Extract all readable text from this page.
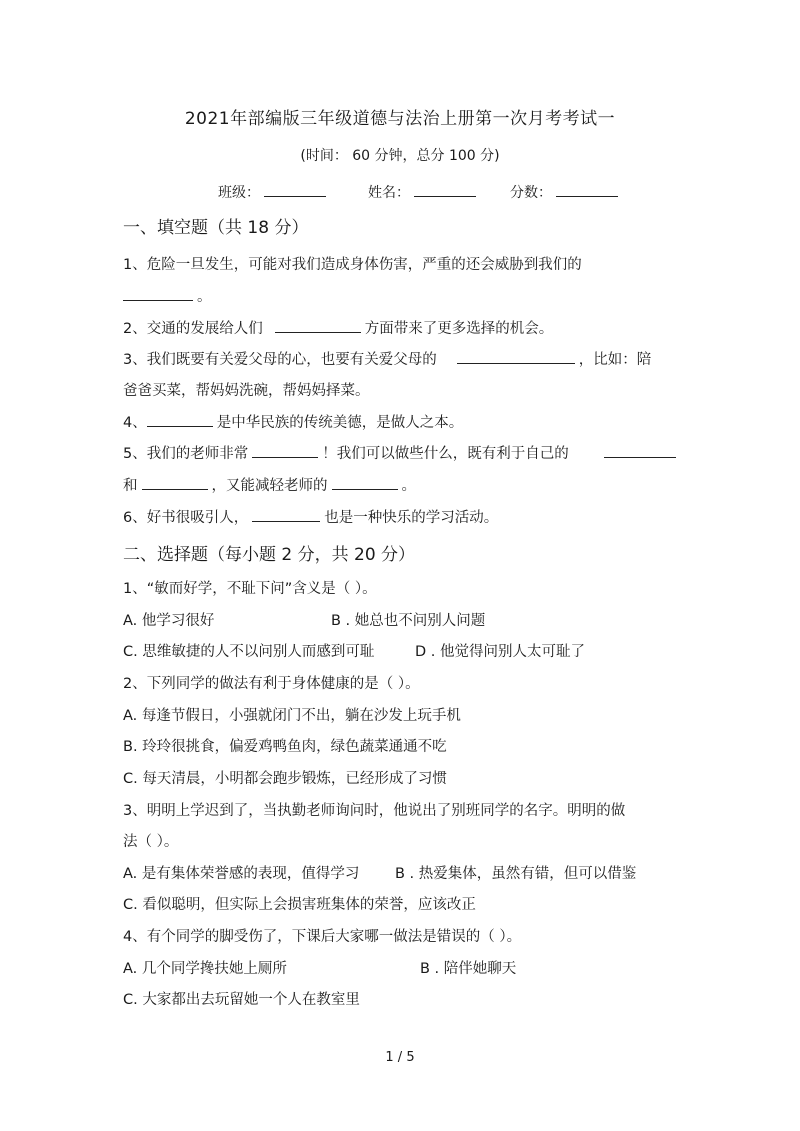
2021年部编版三年级道德与法治上册第一次月考考试一
(时间： 60 分钟，总分 100 分)
班级：	姓名：	分数：
一、填空题（共 18 分）
1、危险一旦发生，可能对我们造成身体伤害，严重的还会威胁到我们的
。
2、交通的发展给人们	方面带来了更多选择的机会。
3、我们既要有关爱父母的心，也要有关爱父母的	，比如：陪
爸爸买菜，帮妈妈洗碗，帮妈妈择菜。
4、	是中华民族的传统美德，是做人之本。
5、我们的老师非常	！我们可以做些什么，既有利于自己的
和	，又能减轻老师的	。
6、好书很吸引人，	也是一种快乐的学习活动。
二、选择题（每小题 2 分，共 20 分）
1、“敏而好学，不耻下问”含义是（ ）。
A. 他学习很好	B . 她总也不问别人问题
C. 思维敏捷的人不以问别人而感到可耻	D . 他觉得问别人太可耻了
2、下列同学的做法有利于身体健康的是（ ）。
A. 每逢节假日，小强就闭门不出，躺在沙发上玩手机
B. 玲玲很挑食，偏爱鸡鸭鱼肉，绿色蔬菜通通不吃
C. 每天清晨，小明都会跑步锻炼，已经形成了习惯
3、明明上学迟到了，当执勤老师询问时，他说出了别班同学的名字。明明的做
法（ ）。
A. 是有集体荣誉感的表现，值得学习 B . 热爱集体，虽然有错，但可以借鉴
C. 看似聪明，但实际上会损害班集体的荣誉，应该改正
4、有个同学的脚受伤了，下课后大家哪一做法是错误的（ ）。
A. 几个同学搀扶她上厕所	B . 陪伴她聊天
C. 大家都出去玩留她一个人在教室里
1 / 5
